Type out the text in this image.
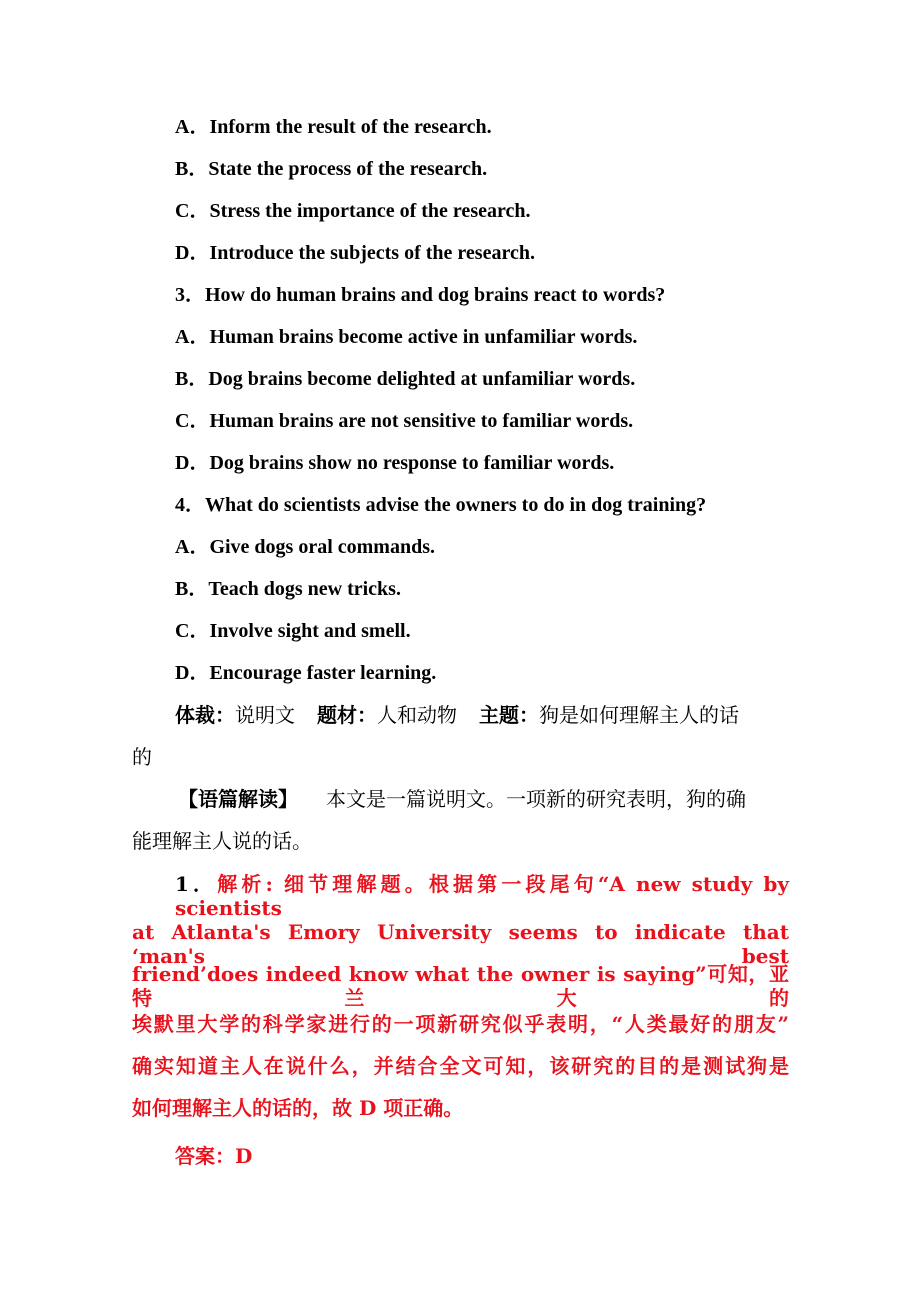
A．Inform the result of the research.
B．State the process of the research.
C．Stress the importance of the research.
D．Introduce the subjects of the research.
3．How do human brains and dog brains react to words?
A．Human brains become active in unfamiliar words.
B．Dog brains become delighted at unfamiliar words.
C．Human brains are not sensitive to familiar words.
D．Dog brains show no response to familiar words.
4．What do scientists advise the owners to do in dog training?
A．Give dogs oral commands.
B．Teach dogs new tricks.
C．Involve sight and smell.
D．Encourage faster learning.
体裁：说明文 题材：人和动物 主题：狗是如何理解主人的话
的
【语篇解读】 本文是一篇说明文。一项新的研究表明，狗的确
能理解主人说的话。
1．解析: 细节理解题。根据第一段尾句“A new study by scientists
at Atlanta's Emory University seems to indicate that ‘man's best
friend’does indeed know what the owner is saying”可知，亚特兰大的
埃默里大学的科学家进行的一项新研究似乎表明，“人类最好的朋友”
确实知道主人在说什么，并结合全文可知，该研究的目的是测试狗是
如何理解主人的话的，故 D 项正确。
答案：D
